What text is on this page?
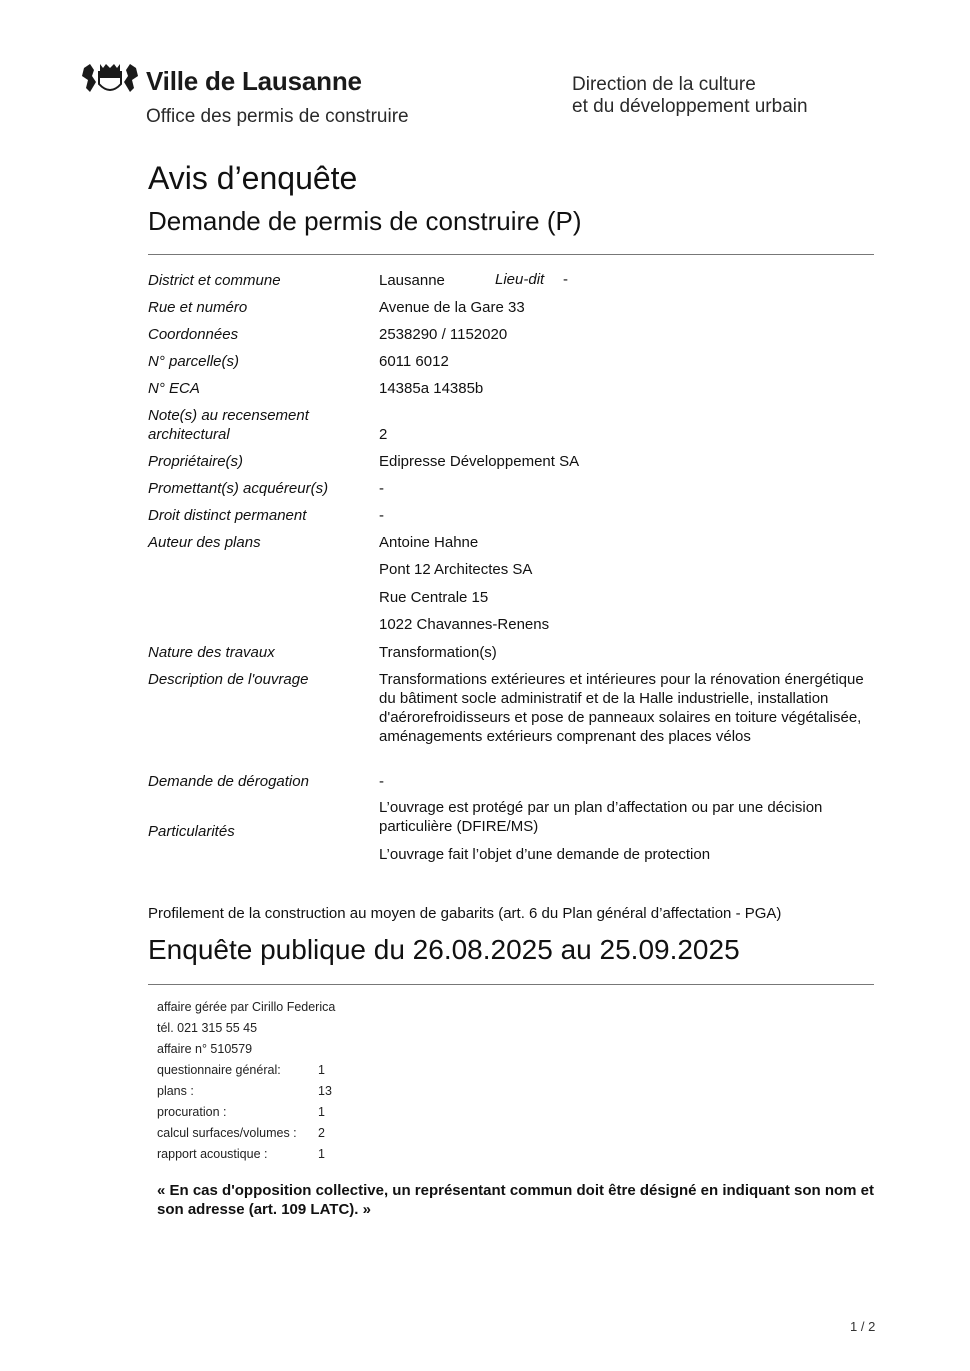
Ville de Lausanne
Office des permis de construire
Direction de la culture
et du développement urbain
Avis d’enquête
Demande de permis de construire (P)
District et commune	Lausanne	Lieu-dit -
Rue et numéro	Avenue de la Gare 33
Coordonnées	2538290 / 1152020
N° parcelle(s)	6011 6012
N° ECA	14385a 14385b
Note(s) au recensement
architectural	2
Propriétaire(s)	Edipresse Développement SA
Promettant(s) acquéreur(s)	-
Droit distinct permanent	-
Auteur des plans	Antoine Hahne
Pont 12 Architectes SA
Rue Centrale 15
1022 Chavannes-Renens
Nature des travaux	Transformation(s)
Description de l'ouvrage	Transformations extérieures et intérieures pour la rénovation énergétique du bâtiment socle administratif et de la Halle industrielle, installation d'aérorefroidisseurs et pose de panneaux solaires en toiture végétalisée, aménagements extérieurs comprenant des places vélos
Demande de dérogation	-
Particularités
L’ouvrage est protégé par un plan d’affectation ou par une décision particulière (DFIRE/MS)
L’ouvrage fait l’objet d’une demande de protection
Profilement de la construction au moyen de gabarits (art. 6 du Plan général d’affectation - PGA)
Enquête publique du 26.08.2025 au 25.09.2025
affaire gérée par Cirillo Federica
tél. 021 315 55 45
affaire n° 510579
questionnaire général:	1
plans :	13
procuration :	1
calcul surfaces/volumes : 2
rapport acoustique :	1
« En cas d'opposition collective, un représentant commun doit être désigné en indiquant son nom et son adresse (art. 109 LATC). »
1 / 2
